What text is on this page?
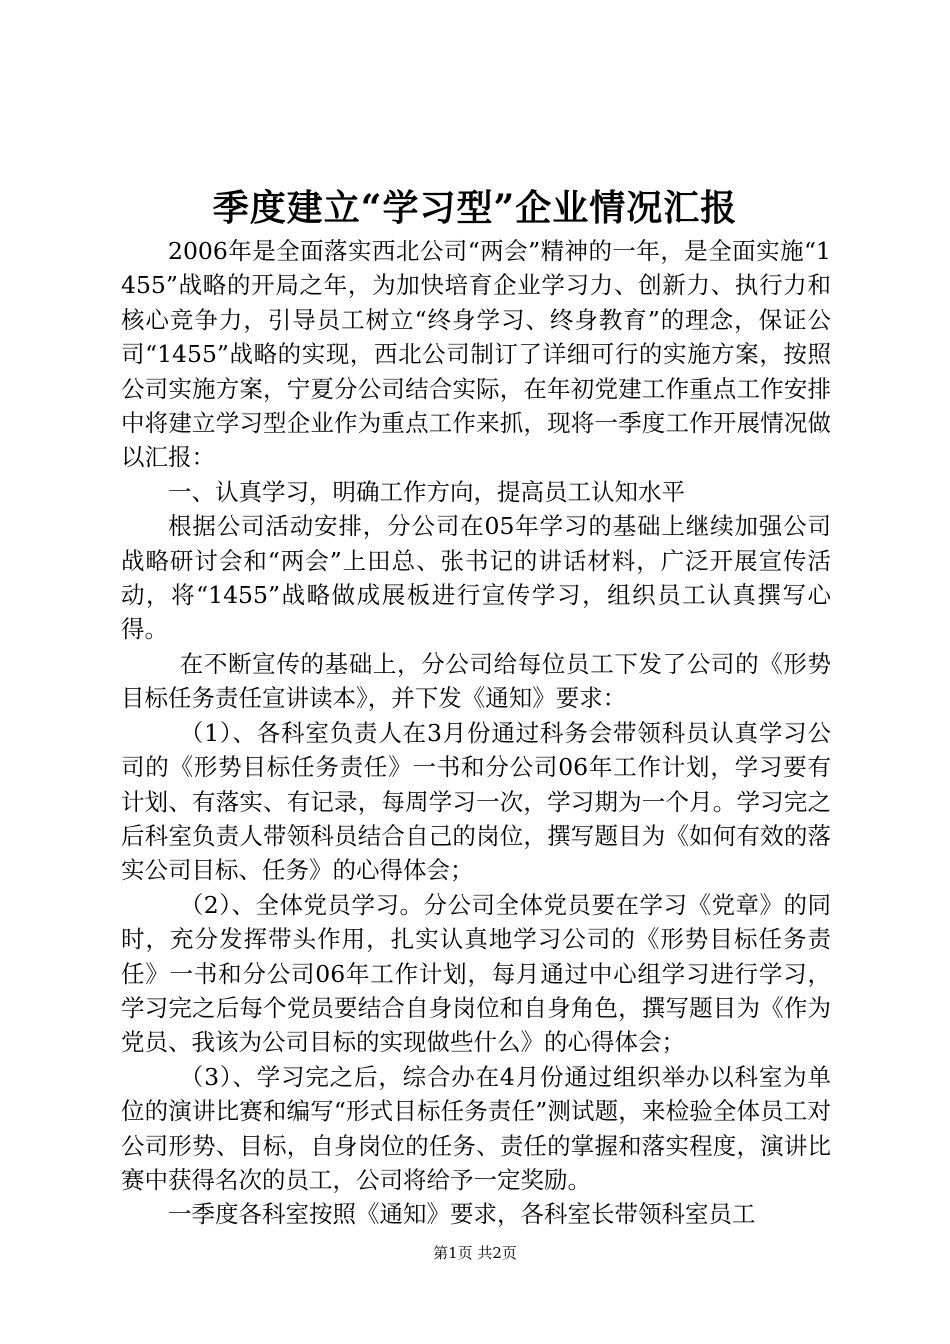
季度建立“学习型”企业情况汇报

2006年是全面落实西北公司“两会”精神的一年，是全面实施“1455”战略的开局之年，为加快培育企业学习力、创新力、执行力和核心竞争力，引导员工树立“终身学习、终身教育”的理念，保证公司“1455”战略的实现，西北公司制订了详细可行的实施方案，按照公司实施方案，宁夏分公司结合实际，在年初党建工作重点工作安排中将建立学习型企业作为重点工作来抓，现将一季度工作开展情况做以汇报：

一、认真学习，明确工作方向，提高员工认知水平

根据公司活动安排，分公司在05年学习的基础上继续加强公司战略研讨会和“两会”上田总、张书记的讲话材料，广泛开展宣传活动，将“1455”战略做成展板进行宣传学习，组织员工认真撰写心得。

在不断宣传的基础上，分公司给每位员工下发了公司的《形势目标任务责任宣讲读本》，并下发《通知》要求：

（1）、各科室负责人在3月份通过科务会带领科员认真学习公司的《形势目标任务责任》一书和分公司06年工作计划，学习要有计划、有落实、有记录，每周学习一次，学习期为一个月。学习完之后科室负责人带领科员结合自己的岗位，撰写题目为《如何有效的落实公司目标、任务》的心得体会；

（2）、全体党员学习。分公司全体党员要在学习《党章》的同时，充分发挥带头作用，扎实认真地学习公司的《形势目标任务责任》一书和分公司06年工作计划，每月通过中心组学习进行学习，学习完之后每个党员要结合自身岗位和自身角色，撰写题目为《作为党员、我该为公司目标的实现做些什么》的心得体会；

（3）、学习完之后，综合办在4月份通过组织举办以科室为单位的演讲比赛和编写“形式目标任务责任”测试题，来检验全体员工对公司形势、目标，自身岗位的任务、责任的掌握和落实程度，演讲比赛中获得名次的员工，公司将给予一定奖励。

一季度各科室按照《通知》要求，各科室长带领科室员工

第1页 共2页
